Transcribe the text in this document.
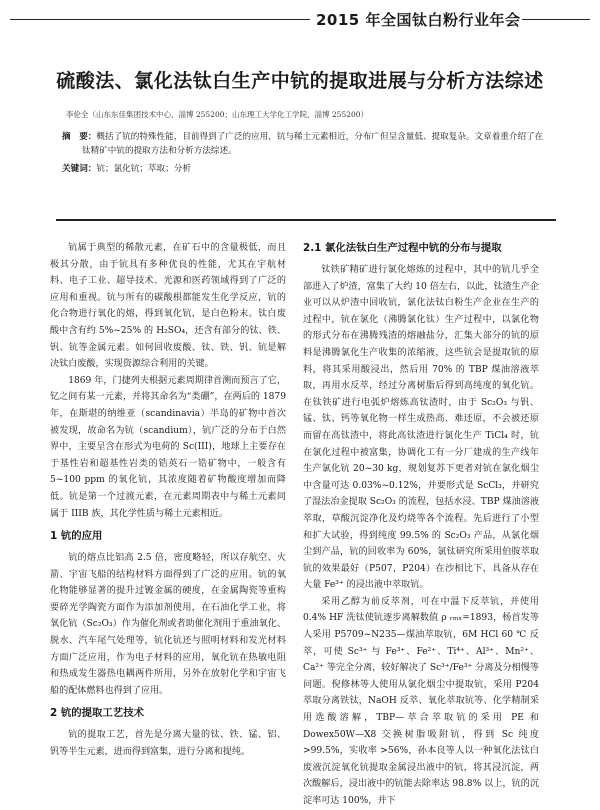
2015 年全国钛白粉行业年会
硫酸法、氯化法钛白生产中钪的提取进展与分析方法综述
李伦全（山东东佳集团技术中心，淄博 255200；山东理工大学化工学院，淄博 255200）
摘　要：概括了钪的特殊性能，目前得到了广泛的应用，钪与稀土元素相近，分布广但呈含量低、提取复杂。文章着重介绍了在
钛精矿中钪的提取方法和分析方法综述。
关键词：钪；氯化钪；萃取；分析

钪属于典型的稀散元素，在矿石中的含量极低，而且极其分散，由于钪具有多种优良的性能，尤其在宇航材料、电子工业、超导技术、光源和医药领域得到了广泛的应用和重视。钪与所有的碳酸根都能发生化学反应，钪的化合物进行氧化的熔，得到氧化钪，是白色粉末。钛白废酸中含有约 5%~25% 的 H₂SO₄，还含有部分的钛、铁、钒、钪等金属元素。如何回收废酸、钛、铁、钒、钪是解决钛白废酸，实现资源综合利用的关键。

1869 年，门捷列夫根据元素周期律首测而预言了它，钇之间有某一元素，并将其命名为“类硼”，在两后的 1879 年，在斯堪的纳维亚（scandinavia）半岛的矿物中首次被发现，故命名为钪（scandium），钪广泛的分布于白然界中，主要呈含在形式为电荷的 Sc(III)，地球上主要存在于基性岩和超基性岩类的锆英石一锆矿物中，一般含有 5~100 ppm 的氧化钪，其浓度随着矿物酸度增加而降低。钪是第一个过渡元素，在元素周期表中与稀土元素同属于 IIIB 族，其化学性质与稀土元素相近。

1 钪的应用

钪的熔点比铝高 2.5 倍，密度略轻，所以存航空、火箭、宇宙飞船的结构材料方面得到了广泛的应用。钪的氧化物能够显著的提升过镀金属的硬度，在金属陶瓷等重构要碎光学陶瓷方面作为添加剂使用，在石油化学工业，将氧化钪（Sc₂O₃）作为催化剂或者助催化剂用于重油氧化、脱水、汽车尾气处理等，钪化钪还与照明材料和发光材料方面广泛应用，作为电子材料的应用，氧化钪在热敏电阻和热成发生器热电耦两件所用，另外在放射化学和宇宙飞船的配体燃料也得到了应用。

2 钪的提取工艺技术

钪的提取工艺，首先是分离大量的钛、铁、锰、铝、钒等半生元素，进而得到富集，进行分离和提纯。

2.1 氯化法钛白生产过程中钪的分布与提取

钛铁矿精矿进行氯化熔炼的过程中，其中的钪几乎全部进入了炉渣，富集了大约 10 倍左右，以此，钛渣生产企业可以从炉渣中回收钪，氯化法钛白粉生产企业在生产的过程中，钪在氯化（沸腾氯化钛）生产过程中，以氯化物的形式分布在沸腾残渣的熔融盐分，汇集大部分的钪的原料是沸腾氯化生产收集的浓缩液，这些钪会是提取钪的原料，将其采用酸浸出，然后用 70% 的 TBP 煤油溶液萃取，再用水反萃，经过分离树脂后得到高纯度的氧化钪。在钛铁矿进行电弧炉熔炼高钛渣时，由于 Sc₂O₃ 与钒、锰、钛、钙等氧化物一样生成热高、难还原，不会被还原而留在高钛渣中，将此高钛渣进行氯化生产 TiCl₄ 时，钪在氯化过程中被富集，协调化工有一分厂建成的生产线年生产氯化钪 20~30 kg，规划复苏下更者对钪在氯化烟尘中含量可达 0.03%~0.12%，并要形式是 ScCl₃，并研究了湿法冶金提取 Sc₂O₃ 的流程，包括水浸、TBP 煤油溶液萃取，草酸沉淀净化及灼烧等各个流程。先后进行了小型和扩大试验，得到纯度 99.5% 的 Sc₂O₃ 产品，从氯化烟尘到产品，钪的回收率为 60%，氯钛研究所采用伯胺萃取钪的效果最好（P507，P204）在沙相比下，具备从存在大量 Fe³⁺ 的浸出液中萃取钪。

采用乙醇为前反萃剂，可在中温下反萃钪，并使用 0.4% HF 洗钛使钪逐步离解数值 ρ ᵣₘₓ=1893，杨首发等人采用 P5709~N235—煤油萃取钪，6M HCl 60 ℃ 反萃，可使 Sc³⁺ 与 Fe³⁺、Fe²⁺、Ti⁴⁺、Al³⁺、Mn²⁺、Ca²⁺ 等完全分离，较好解决了 Sc³⁺/Fe³⁺ 分离及分相慢等问题。倪修林等人使用从氯化烟尘中提取钪，采用 P204 萃取分离铁钛，NaOH 反萃、氧化萃取钪等、化学精制采用选酸溶解，TBP—萃合萃取钪的采用 PE 和 Dowex50W—X8 交换树脂吸附钪，得到 Sc 纯度 >99.5%，实收率 >56%，孙本良等人以一种氧化法钛白废液沉淀氧化钪提取金属浸出液中的钪，将其浸沉淀，两次酸解后，浸出液中的钪能去除率达 98.8% 以上，钪的沉淀率可达 100%，并下
